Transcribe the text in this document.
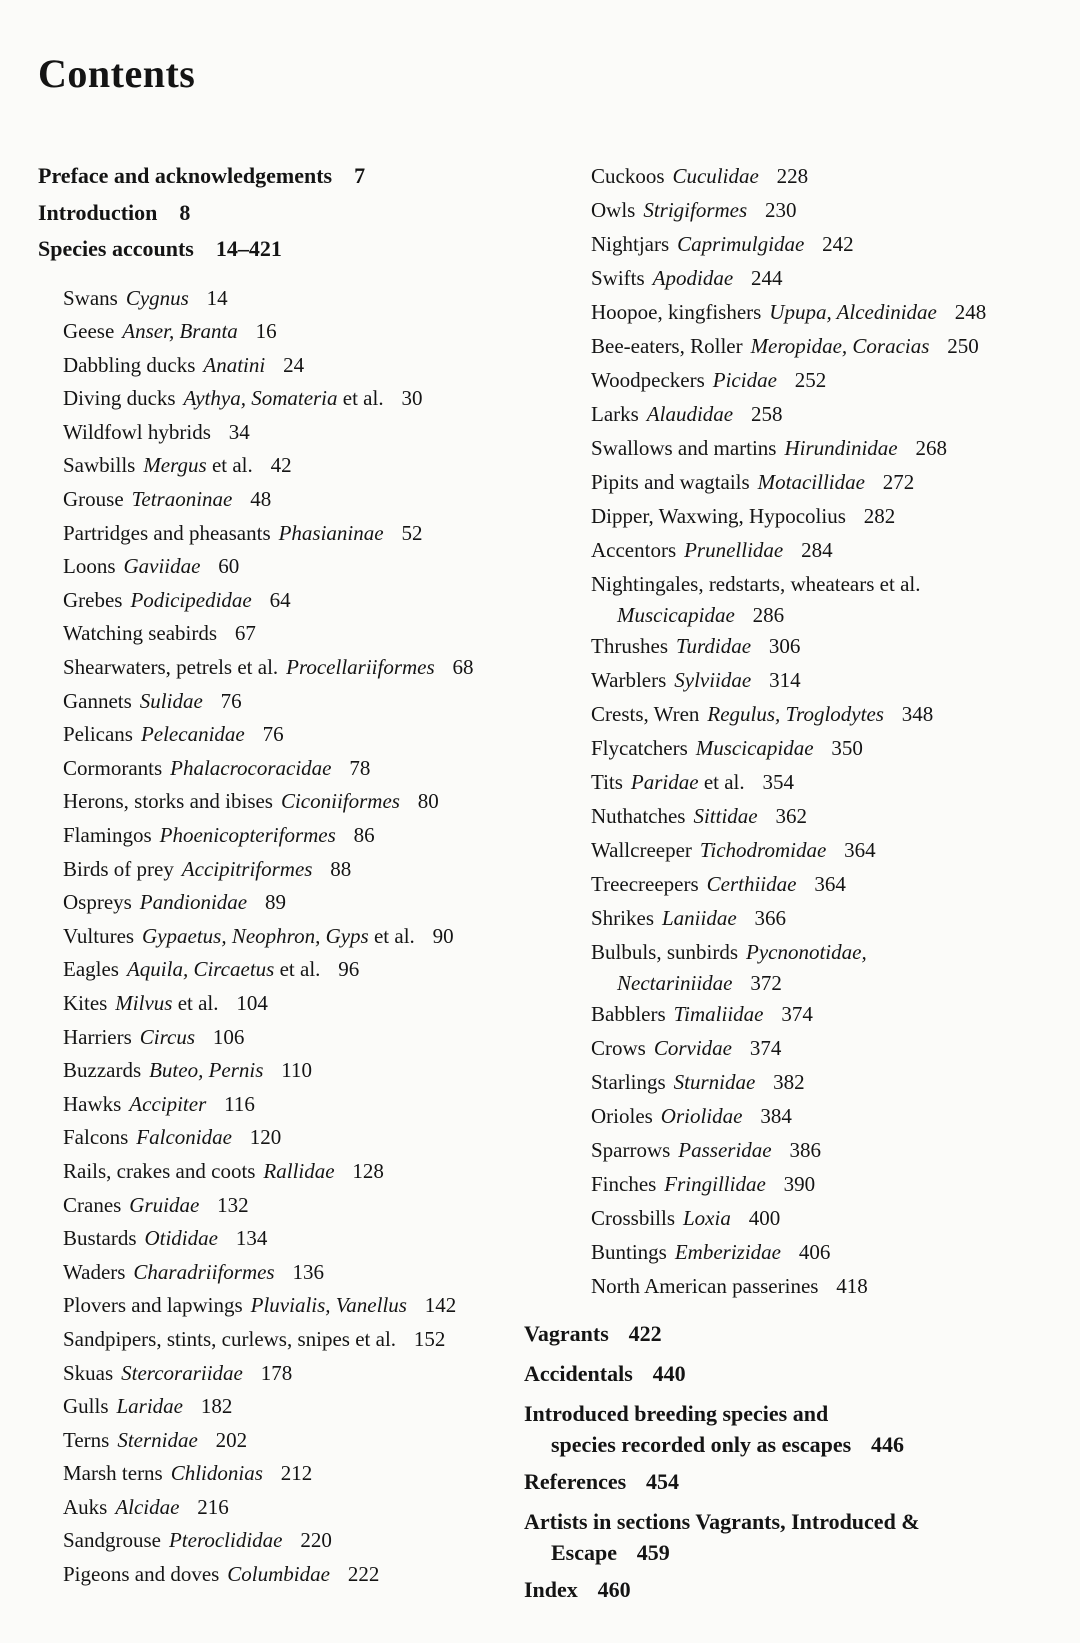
Contents
Preface and acknowledgements 7
Introduction 8
Species accounts 14–421
Swans Cygnus 14
Geese Anser, Branta 16
Dabbling ducks Anatini 24
Diving ducks Aythya, Somateria et al. 30
Wildfowl hybrids 34
Sawbills Mergus et al. 42
Grouse Tetraoninae 48
Partridges and pheasants Phasianinae 52
Loons Gaviidae 60
Grebes Podicipedidae 64
Watching seabirds 67
Shearwaters, petrels et al. Procellariiformes 68
Gannets Sulidae 76
Pelicans Pelecanidae 76
Cormorants Phalacrocoracidae 78
Herons, storks and ibises Ciconiiformes 80
Flamingos Phoenicopteriformes 86
Birds of prey Accipitriformes 88
Ospreys Pandionidae 89
Vultures Gypaetus, Neophron, Gyps et al. 90
Eagles Aquila, Circaetus et al. 96
Kites Milvus et al. 104
Harriers Circus 106
Buzzards Buteo, Pernis 110
Hawks Accipiter 116
Falcons Falconidae 120
Rails, crakes and coots Rallidae 128
Cranes Gruidae 132
Bustards Otididae 134
Waders Charadriiformes 136
Plovers and lapwings Pluvialis, Vanellus 142
Sandpipers, stints, curlews, snipes et al. 152
Skuas Stercorariidae 178
Gulls Laridae 182
Terns Sternidae 202
Marsh terns Chlidonias 212
Auks Alcidae 216
Sandgrouse Pteroclididae 220
Pigeons and doves Columbidae 222
Cuckoos Cuculidae 228
Owls Strigiformes 230
Nightjars Caprimulgidae 242
Swifts Apodidae 244
Hoopoe, kingfishers Upupa, Alcedinidae 248
Bee-eaters, Roller Meropidae, Coracias 250
Woodpeckers Picidae 252
Larks Alaudidae 258
Swallows and martins Hirundinidae 268
Pipits and wagtails Motacillidae 272
Dipper, Waxwing, Hypocolius 282
Accentors Prunellidae 284
Nightingales, redstarts, wheatears et al.
Muscicapidae 286
Thrushes Turdidae 306
Warblers Sylviidae 314
Crests, Wren Regulus, Troglodytes 348
Flycatchers Muscicapidae 350
Tits Paridae et al. 354
Nuthatches Sittidae 362
Wallcreeper Tichodromidae 364
Treecreepers Certhiidae 364
Shrikes Laniidae 366
Bulbuls, sunbirds Pycnonotidae,
Nectariniidae 372
Babblers Timaliidae 374
Crows Corvidae 374
Starlings Sturnidae 382
Orioles Oriolidae 384
Sparrows Passeridae 386
Finches Fringillidae 390
Crossbills Loxia 400
Buntings Emberizidae 406
North American passerines 418
Vagrants 422
Accidentals 440
Introduced breeding species and
species recorded only as escapes 446
References 454
Artists in sections Vagrants, Introduced &
Escape 459
Index 460
